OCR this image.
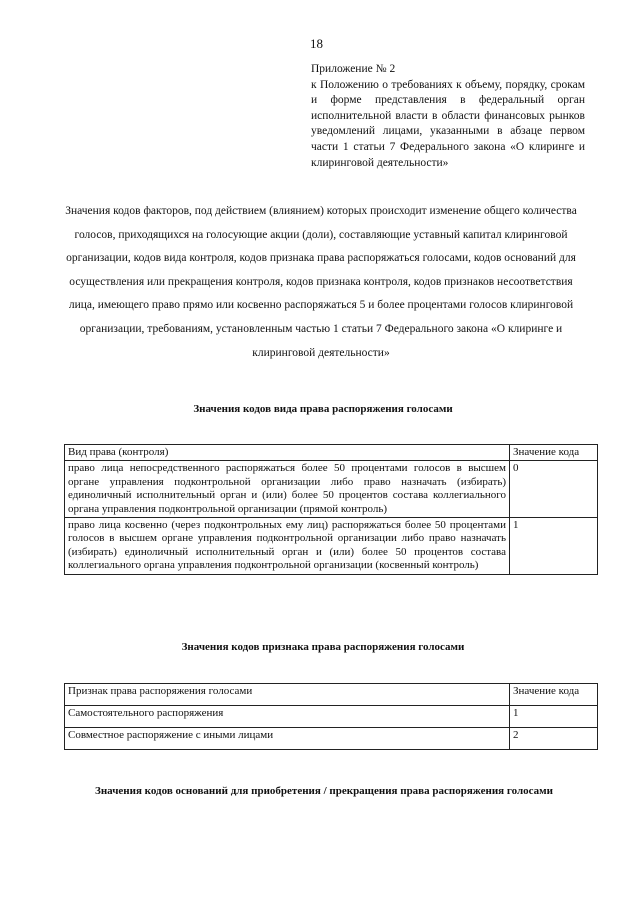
18
Приложение № 2
к Положению о требованиях к объему, порядку, срокам и форме представления в федеральный орган исполнительной власти в области финансовых рынков уведомлений лицами, указанными в абзаце первом части 1 статьи 7 Федерального закона «О клиринге и клиринговой деятельности»
Значения кодов факторов, под действием (влиянием) которых происходит изменение общего количества голосов, приходящихся на голосующие акции (доли), составляющие уставный капитал клиринговой организации, кодов вида контроля, кодов признака права распоряжаться голосами, кодов оснований для осуществления или прекращения контроля, кодов признака контроля, кодов признаков несоответствия лица, имеющего право прямо или косвенно распоряжаться 5 и более процентами голосов клиринговой организации, требованиям, установленным частью 1 статьи 7 Федерального закона «О клиринге и клиринговой деятельности»
Значения кодов вида права распоряжения голосами
Вид права (контроля)	Значение кода
право лица непосредственного распоряжаться более 50 процентами голосов в высшем органе управления подконтрольной организации либо право назначать (избирать) единоличный исполнительный орган и (или) более 50 процентов состава коллегиального органа управления подконтрольной организации (прямой контроль)	0
право лица косвенно (через подконтрольных ему лиц) распоряжаться более 50 процентами голосов в высшем органе управления подконтрольной организации либо право назначать (избирать) единоличный исполнительный орган и (или) более 50 процентов состава коллегиального органа управления подконтрольной организации (косвенный контроль)	1
Значения кодов признака права распоряжения голосами
Признак права распоряжения голосами	Значение кода
Самостоятельного распоряжения	1
Совместное распоряжение с иными лицами	2
Значения кодов оснований для приобретения / прекращения права распоряжения голосами
